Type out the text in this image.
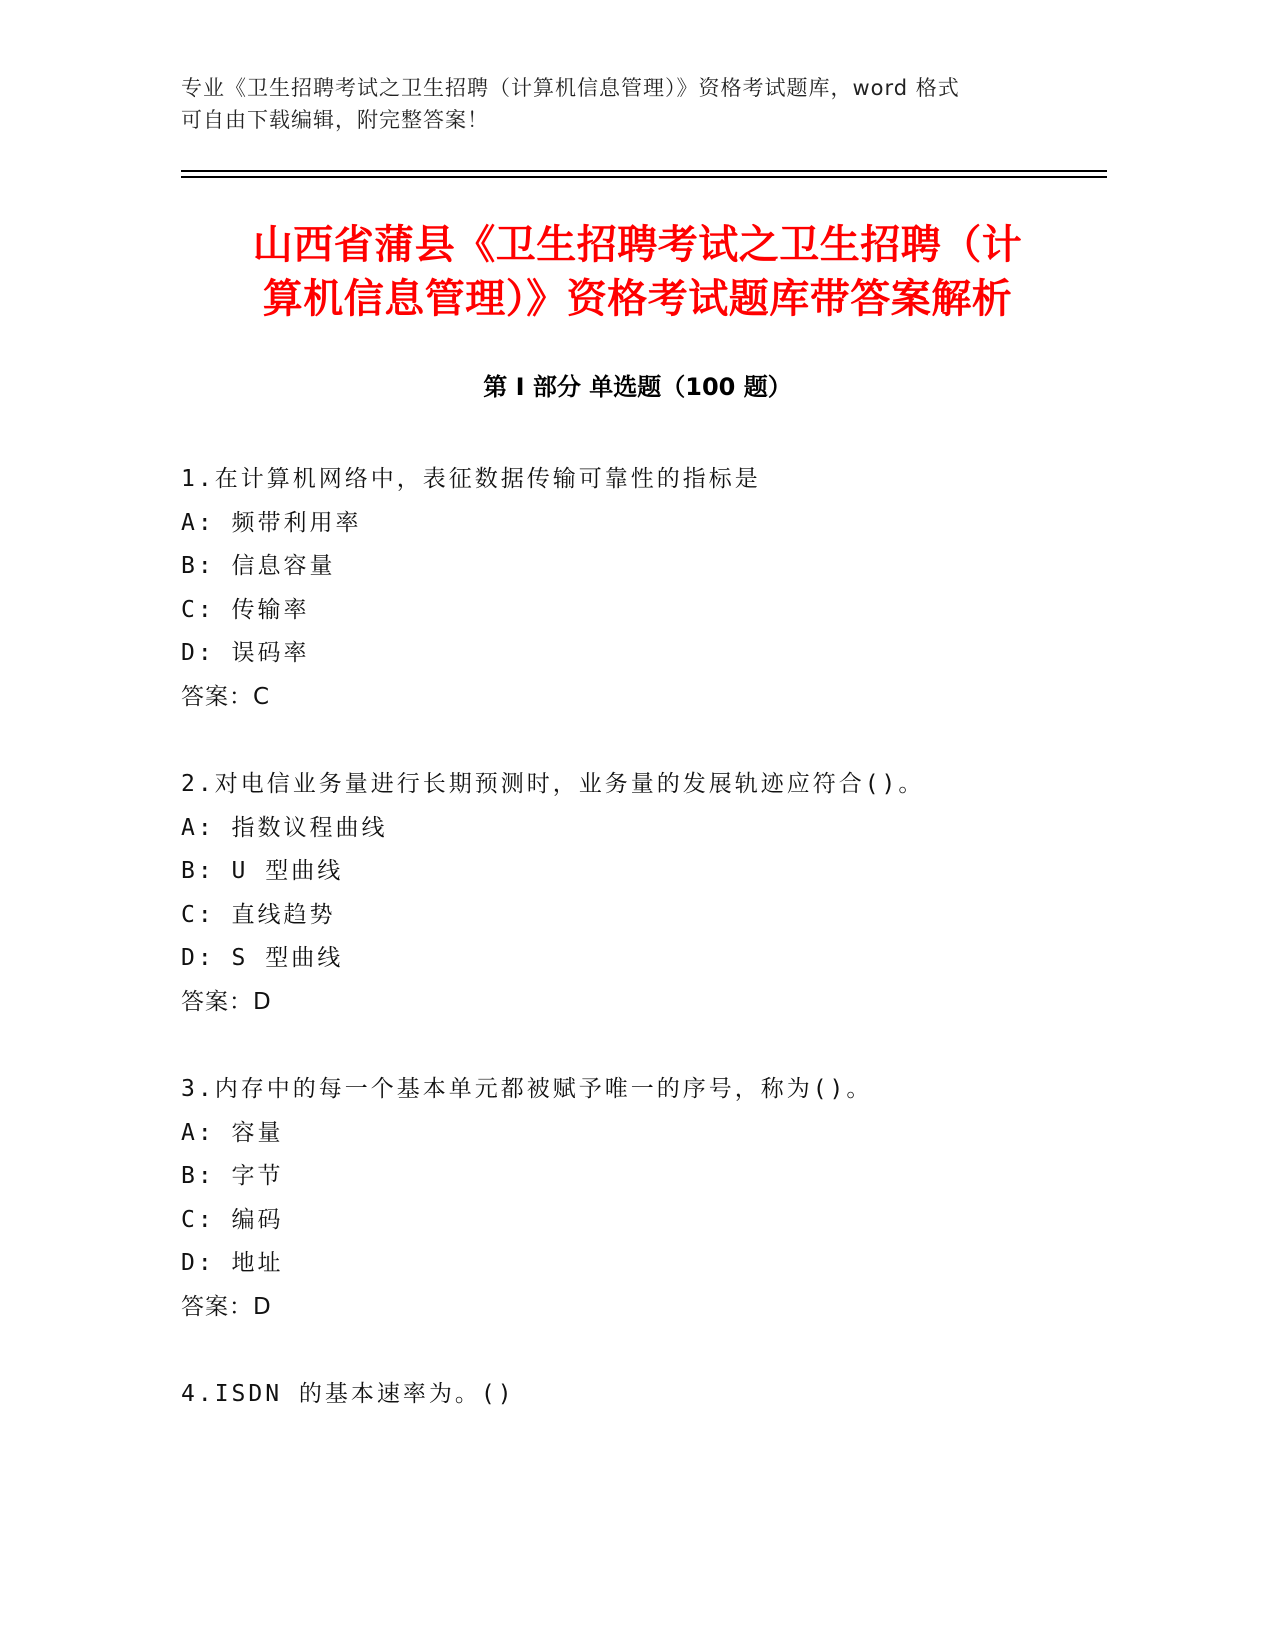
专业《卫生招聘考试之卫生招聘（计算机信息管理）》资格考试题库，word 格式
可自由下载编辑，附完整答案！
山西省蒲县《卫生招聘考试之卫生招聘（计
算机信息管理）》资格考试题库带答案解析
第 I 部分 单选题（100 题）
1.在计算机网络中，表征数据传输可靠性的指标是
A: 频带利用率
B: 信息容量
C: 传输率
D: 误码率
答案：C
2.对电信业务量进行长期预测时，业务量的发展轨迹应符合()。
A: 指数议程曲线
B: U 型曲线
C: 直线趋势
D: S 型曲线
答案：D
3.内存中的每一个基本单元都被赋予唯一的序号，称为()。
A: 容量
B: 字节
C: 编码
D: 地址
答案：D
4.ISDN 的基本速率为。()
